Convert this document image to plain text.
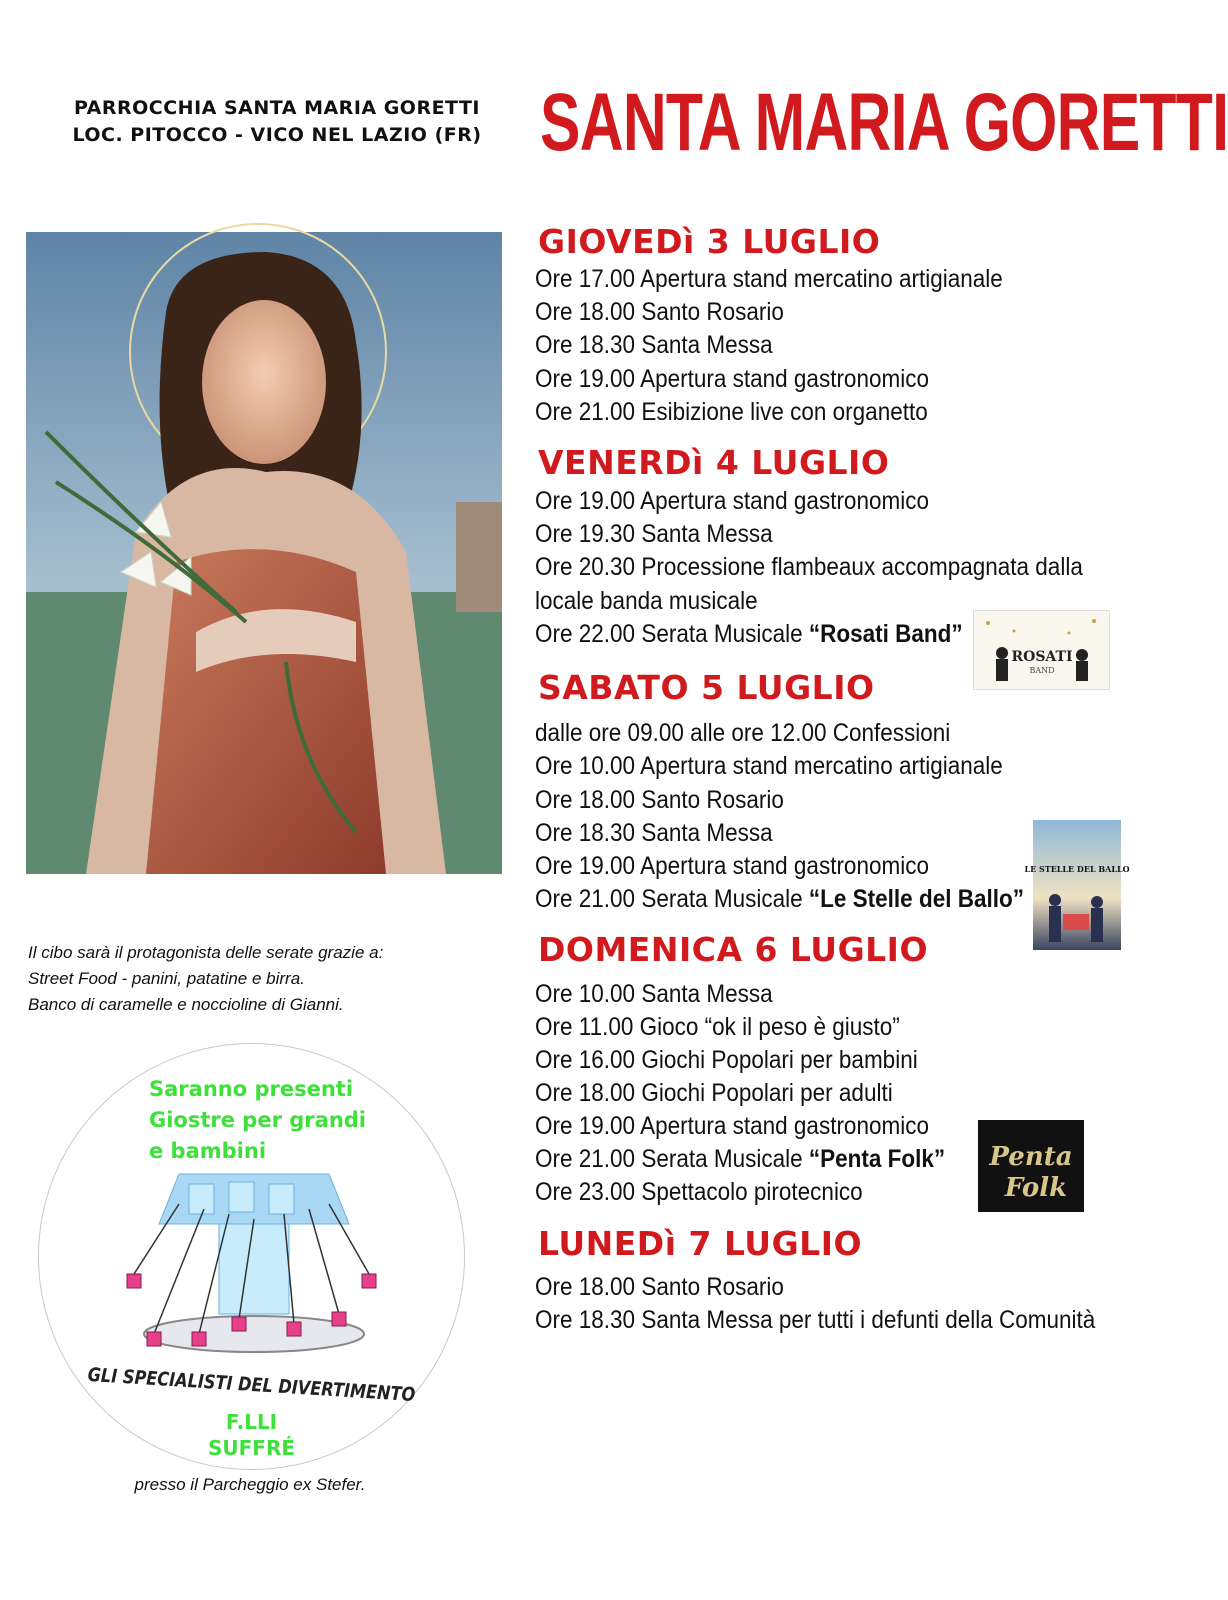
PARROCCHIA SANTA MARIA GORETTI
LOC. PITOCCO - VICO NEL LAZIO (FR) SANTA MARIA GORETTI
Il cibo sarà il protagonista delle serate grazie a:
Street Food - panini, patatine e birra.
Banco di caramelle e noccioline di Gianni.
Saranno presenti
Giostre per grandi
e bambini
GLI SPECIALISTI DEL DIVERTIMENTO
F.LLI
SUFFRÉ
presso il Parcheggio ex Stefer.
GIOVEDì 3 LUGLIO
Ore 17.00 Apertura stand mercatino artigianale
Ore 18.00 Santo Rosario
Ore 18.30 Santa Messa
Ore 19.00 Apertura stand gastronomico
Ore 21.00 Esibizione live con organetto
VENERDì 4 LUGLIO
Ore 19.00 Apertura stand gastronomico
Ore 19.30 Santa Messa
Ore 20.30 Processione flambeaux accompagnata dalla
locale banda musicale
Ore 22.00 Serata Musicale “Rosati Band”
ROSATI
BAND
SABATO 5 LUGLIO
dalle ore 09.00 alle ore 12.00 Confessioni
Ore 10.00 Apertura stand mercatino artigianale
Ore 18.00 Santo Rosario
Ore 18.30 Santa Messa
Ore 19.00 Apertura stand gastronomico
Ore 21.00 Serata Musicale “Le Stelle del Ballo”
LE STELLE DEL BALLO
DOMENICA 6 LUGLIO
Ore 10.00 Santa Messa
Ore 11.00 Gioco “ok il peso è giusto”
Ore 16.00 Giochi Popolari per bambini
Ore 18.00 Giochi Popolari per adulti
Ore 19.00 Apertura stand gastronomico
Ore 21.00 Serata Musicale “Penta Folk”
Ore 23.00 Spettacolo pirotecnico
Penta
Folk
LUNEDì 7 LUGLIO
Ore 18.00 Santo Rosario
Ore 18.30 Santa Messa per tutti i defunti della Comunità
